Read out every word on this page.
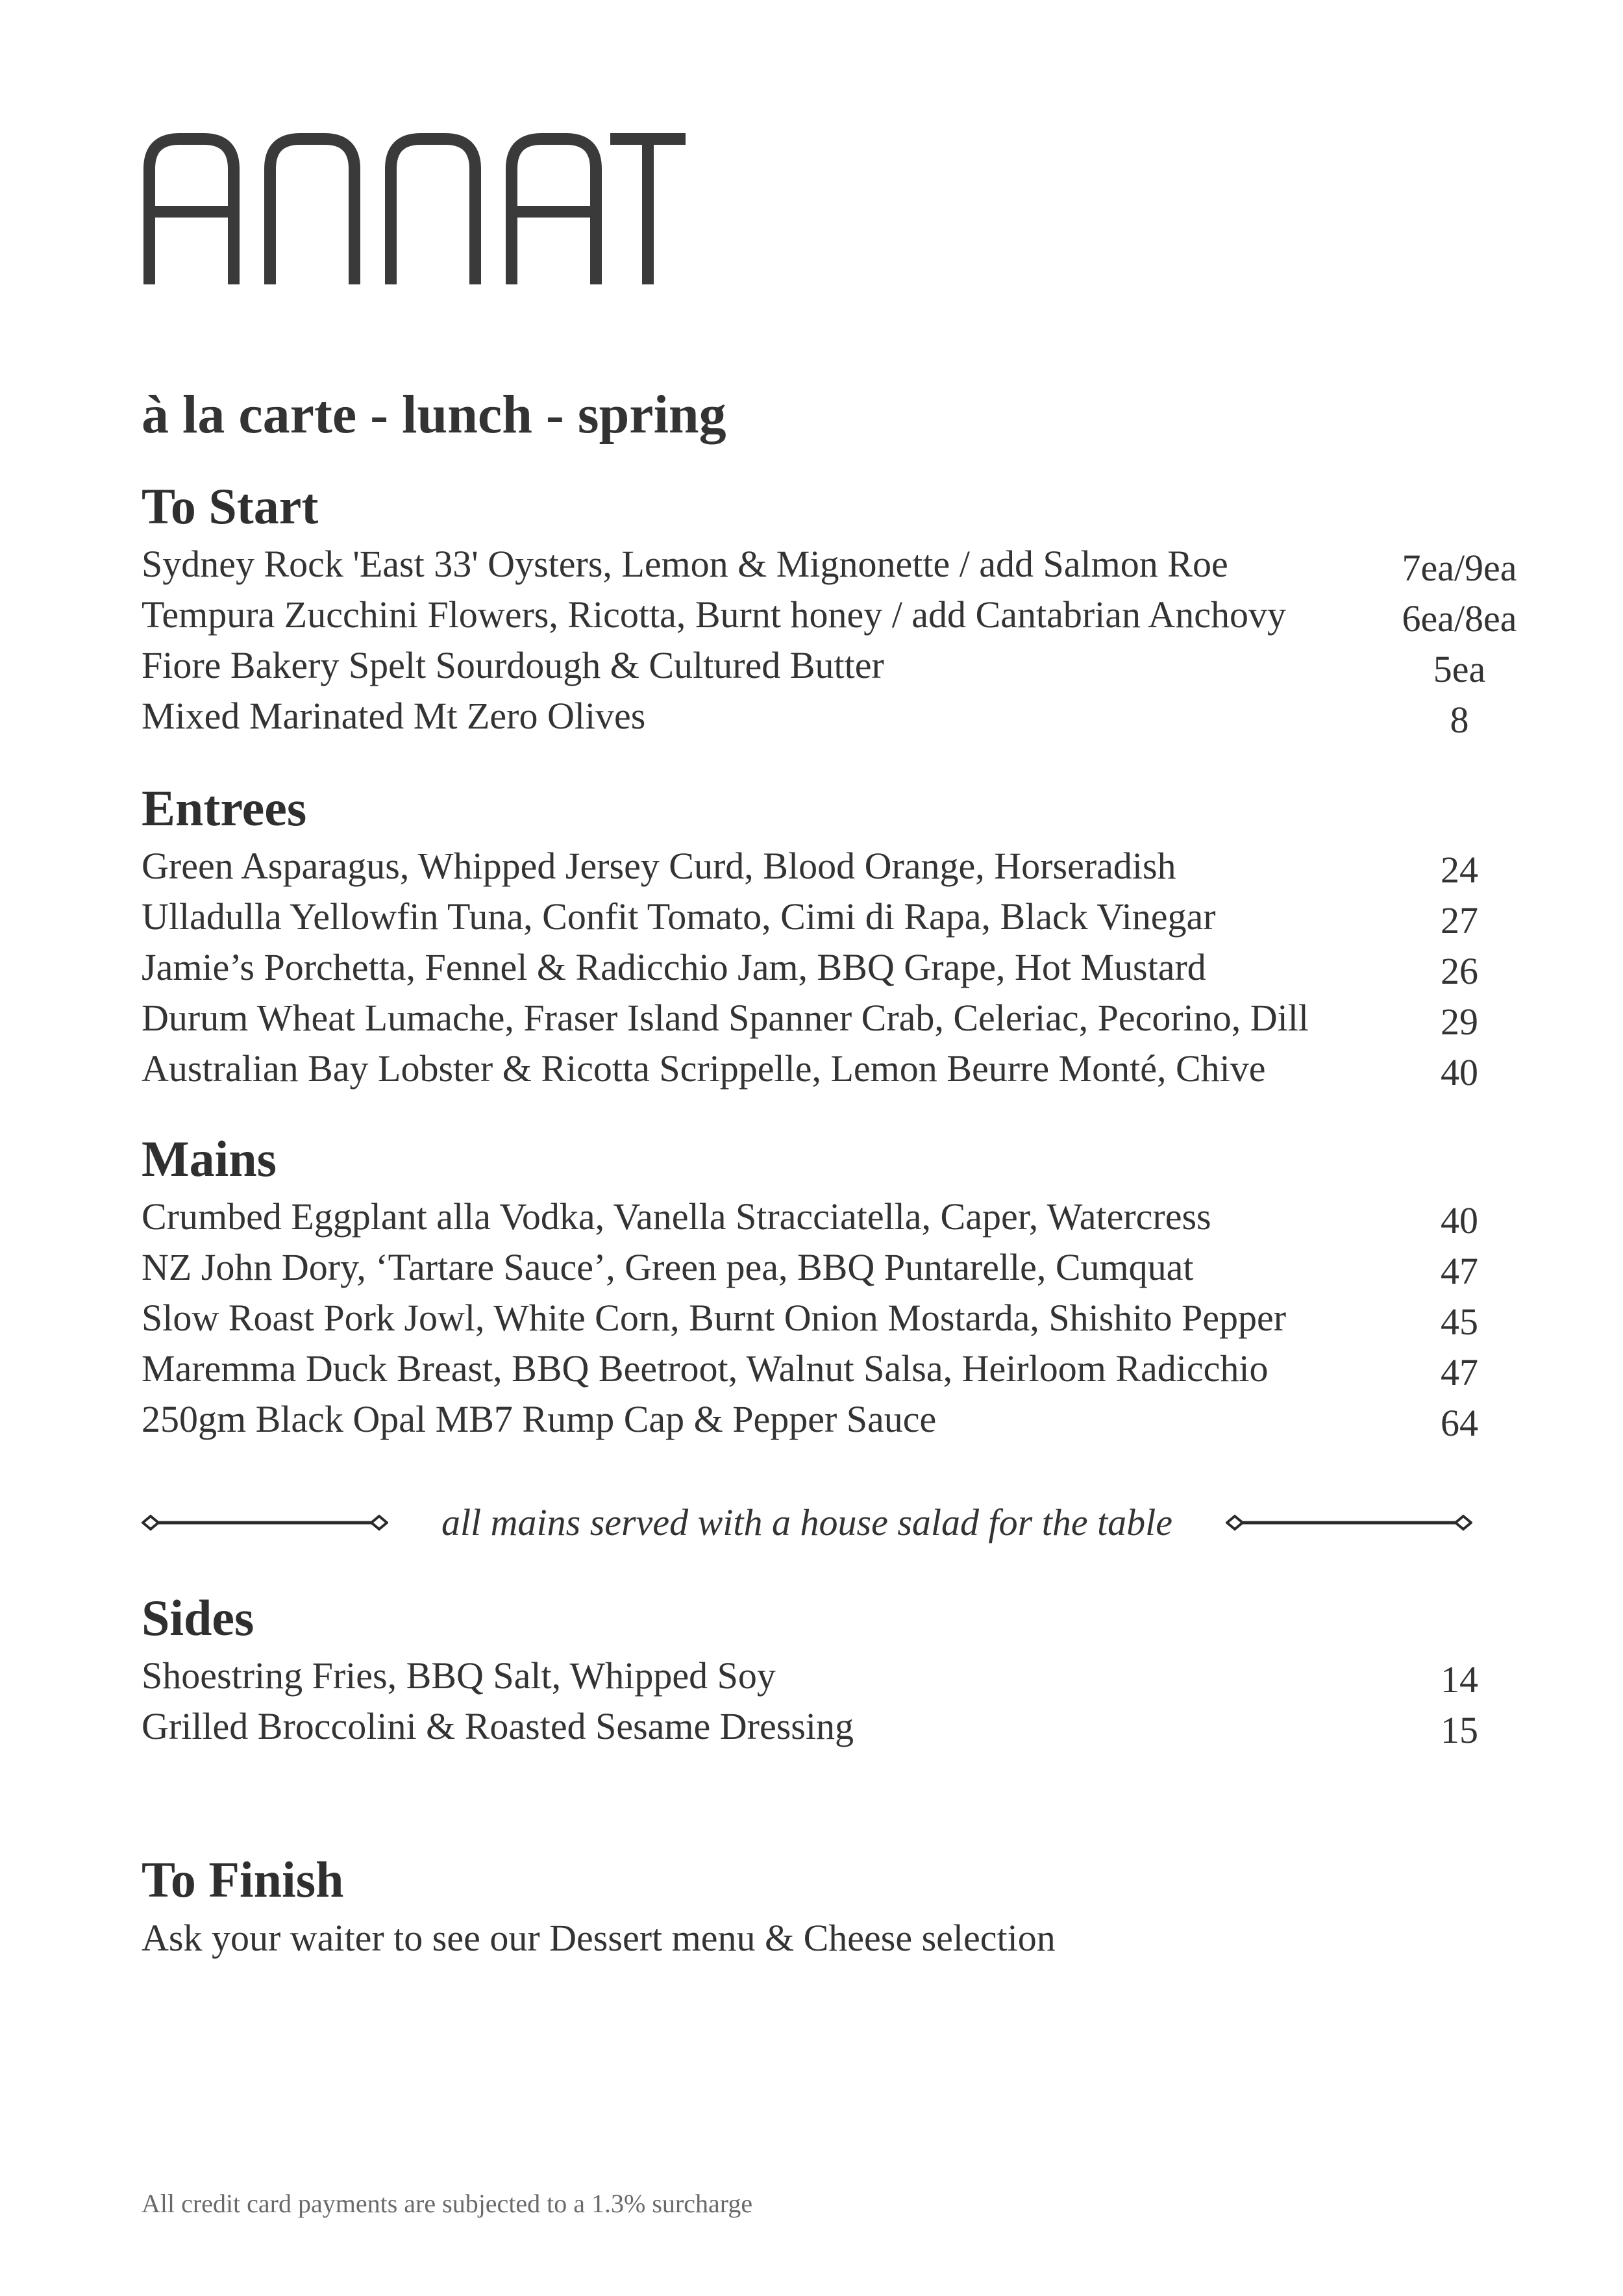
à la carte - lunch - spring
To Start
Sydney Rock 'East 33' Oysters, Lemon & Mignonette / add Salmon Roe	7ea/9ea
Tempura Zucchini Flowers, Ricotta, Burnt honey / add Cantabrian Anchovy	6ea/8ea
Fiore Bakery Spelt Sourdough & Cultured Butter	5ea
Mixed Marinated Mt Zero Olives	8
Entrees
Green Asparagus, Whipped Jersey Curd, Blood Orange, Horseradish	24
Ulladulla Yellowfin Tuna, Confit Tomato, Cimi di Rapa, Black Vinegar	27
Jamie’s Porchetta, Fennel & Radicchio Jam, BBQ Grape, Hot Mustard	26
Durum Wheat Lumache, Fraser Island Spanner Crab, Celeriac, Pecorino, Dill	29
Australian Bay Lobster & Ricotta Scrippelle, Lemon Beurre Monté, Chive	40
Mains
Crumbed Eggplant alla Vodka, Vanella Stracciatella, Caper, Watercress	40
NZ John Dory, ‘Tartare Sauce’, Green pea, BBQ Puntarelle, Cumquat	47
Slow Roast Pork Jowl, White Corn, Burnt Onion Mostarda, Shishito Pepper	45
Maremma Duck Breast, BBQ Beetroot, Walnut Salsa, Heirloom Radicchio	47
250gm Black Opal MB7 Rump Cap & Pepper Sauce	64
all mains served with a house salad for the table
Sides
Shoestring Fries, BBQ Salt, Whipped Soy	14
Grilled Broccolini & Roasted Sesame Dressing	15
To Finish
Ask your waiter to see our Dessert menu & Cheese selection
All credit card payments are subjected to a 1.3% surcharge
